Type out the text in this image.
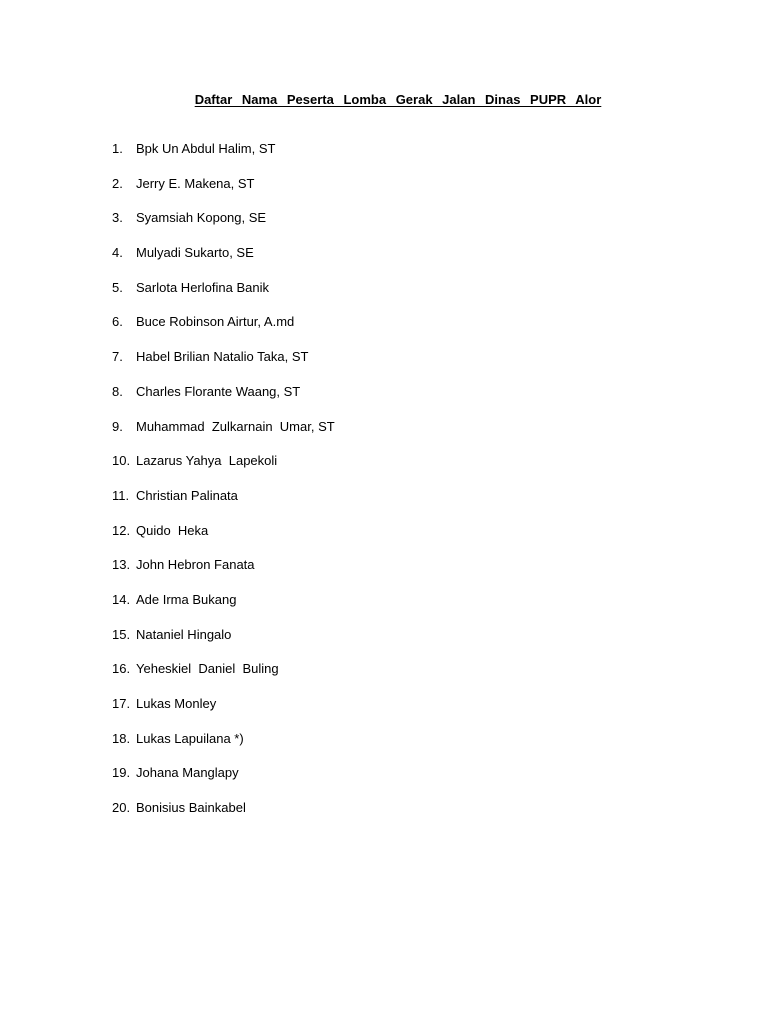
Daftar Nama Peserta Lomba Gerak Jalan Dinas PUPR Alor
1.	Bpk Un Abdul Halim, ST
2.	Jerry E. Makena, ST
3.	Syamsiah Kopong, SE
4.	Mulyadi Sukarto, SE
5.	Sarlota Herlofina Banik
6.	Buce Robinson Airtur, A.md
7.	Habel Brilian Natalio Taka, ST
8.	Charles Florante Waang, ST
9.	Muhammad  Zulkarnain  Umar, ST
10. Lazarus Yahya  Lapekoli
11. Christian Palinata
12. Quido  Heka
13. John Hebron Fanata
14. Ade Irma Bukang
15. Nataniel Hingalo
16. Yeheskiel  Daniel  Buling
17. Lukas Monley
18. Lukas Lapuilana *)
19. Johana Manglapy
20. Bonisius Bainkabel
